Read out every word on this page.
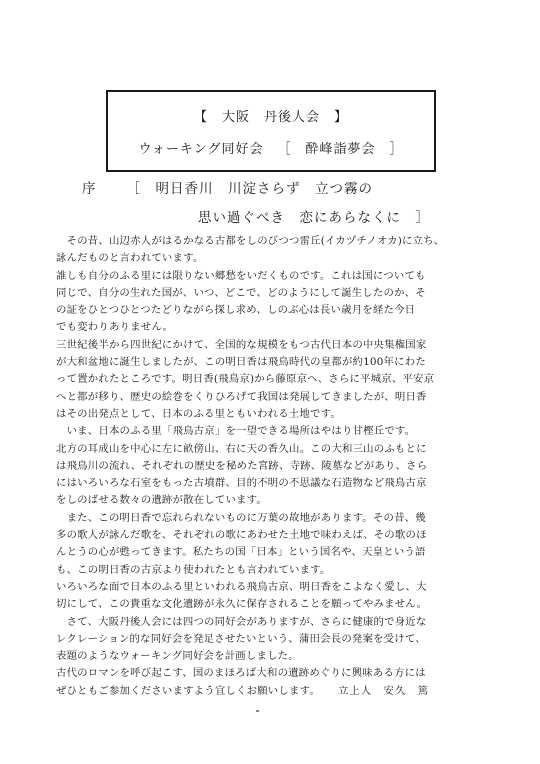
【　大阪　丹後人会　】
ウォーキング同好会 ［　酔峰詣夢会　］
序 ［　明日香川　川淀さらず　立つ霧の
思い過ぐべき　恋にあらなくに　］
　その昔、山辺赤人がはるかなる古都をしのびつつ雷丘(イカヅチノオカ)に立ち、
詠んだものと言われています。
誰しも自分のふる里には限りない郷愁をいだくものです。これは国についても
同じで、自分の生れた国が、いつ、どこで、どのようにして誕生したのか、そ
の証をひとつひとつたどりながら探し求め、しのぶ心は長い歳月を経た今日
でも変わりありません。
三世紀後半から四世紀にかけて、全国的な規模をもつ古代日本の中央集権国家
が大和盆地に誕生しましたが、この明日香は飛鳥時代の皇都が約100年にわた
って置かれたところです。明日香(飛鳥京)から藤原京へ、さらに平城京、平安京
へと都が移り、歴史の絵巻をくりひろげて我国は発展してきましたが、明日香
はその出発点として、日本のふる里ともいわれる土地です。
　いま、日本のふる里「飛鳥古京」を一望できる場所はやはり甘樫丘です。
北方の耳成山を中心に左に畝傍山、右に天の香久山。この大和三山のふもとに
は飛鳥川の流れ、それぞれの歴史を秘めた宮跡、寺跡、陵墓などがあり、さら
にはいろいろな石室をもった古墳群、目的不明の不思議な石造物など飛鳥古京
をしのばせる数々の遺跡が散在しています。
　また、この明日香で忘れられないものに万葉の故地があります。その昔、幾
多の歌人が詠んだ歌を、それぞれの歌にあわせた土地で味わえば、その歌のほ
んとうの心が甦ってきます。私たちの国「日本」という国名や、天皇という語
も、この明日香の古京より使われたとも言われています。
いろいろな面で日本のふる里といわれる飛鳥古京、明日香をこよなく愛し、大
切にして、この貴重な文化遺跡が永久に保存されることを願ってやみません。
　さて、大阪丹後人会には四つの同好会がありますが、さらに健康的で身近な
レクレーション的な同好会を発足させたいという、蒲田会長の発案を受けて、
表題のようなウォーキング同好会を計画しました。
古代のロマンを呼び起こす、国のまほろば大和の遺跡めぐりに興味ある方には
ぜひともご参加くださいますよう宜しくお願いします。 立上人　安久　篤
